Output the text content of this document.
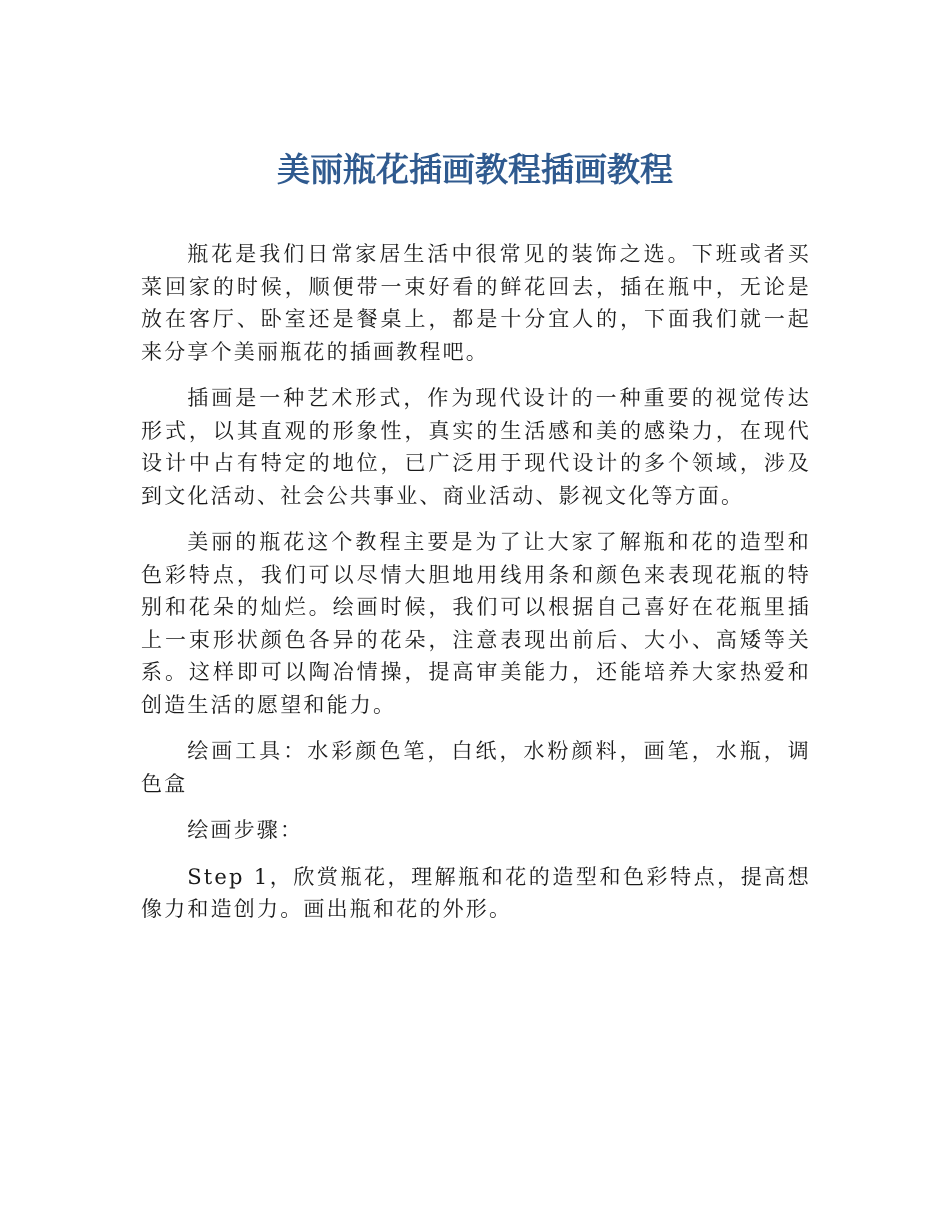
美丽瓶花插画教程插画教程

瓶花是我们日常家居生活中很常见的装饰之选。下班或者买菜回家的时候，顺便带一束好看的鲜花回去，插在瓶中，无论是放在客厅、卧室还是餐桌上，都是十分宜人的，下面我们就一起来分享个美丽瓶花的插画教程吧。

插画是一种艺术形式，作为现代设计的一种重要的视觉传达形式，以其直观的形象性，真实的生活感和美的感染力，在现代设计中占有特定的地位，已广泛用于现代设计的多个领域，涉及到文化活动、社会公共事业、商业活动、影视文化等方面。

美丽的瓶花这个教程主要是为了让大家了解瓶和花的造型和色彩特点，我们可以尽情大胆地用线用条和颜色来表现花瓶的特别和花朵的灿烂。绘画时候，我们可以根据自己喜好在花瓶里插上一束形状颜色各异的花朵，注意表现出前后、大小、高矮等关系。这样即可以陶冶情操，提高审美能力，还能培养大家热爱和创造生活的愿望和能力。

绘画工具：水彩颜色笔，白纸，水粉颜料，画笔，水瓶，调色盒

绘画步骤：

Step 1，欣赏瓶花，理解瓶和花的造型和色彩特点，提高想像力和造创力。画出瓶和花的外形。
